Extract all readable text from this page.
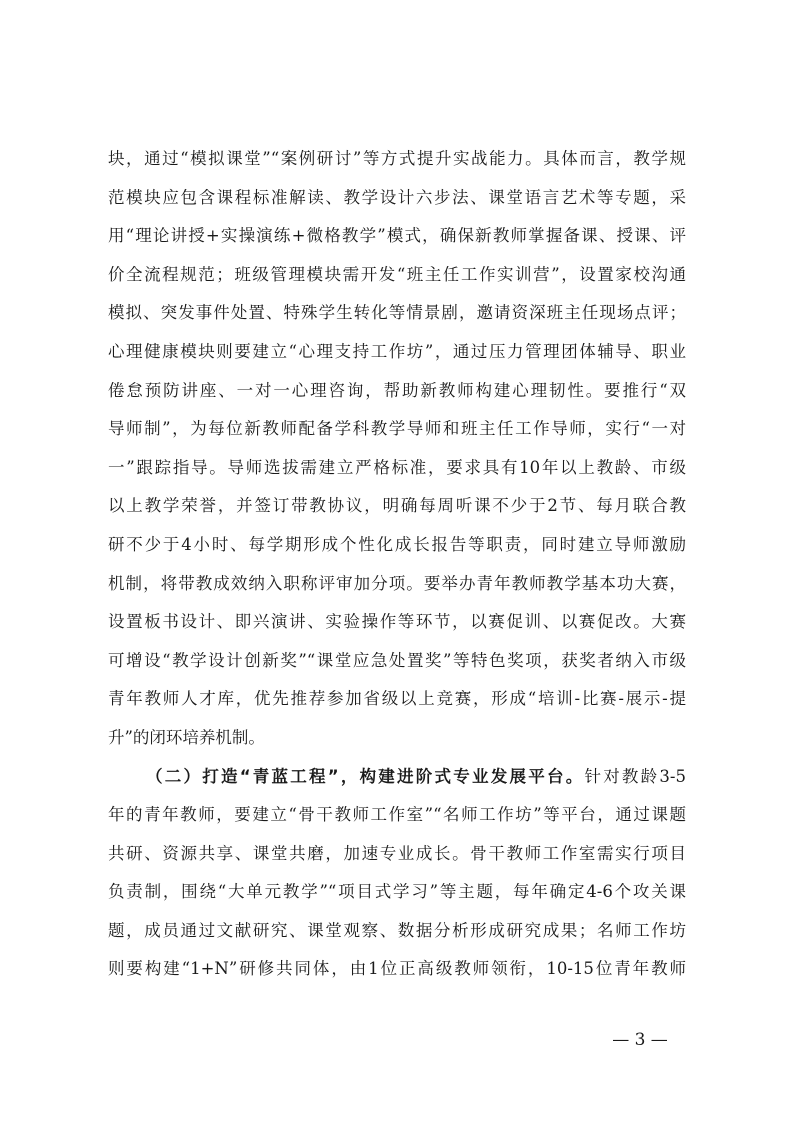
块，通过“模拟课堂”“案例研讨”等方式提升实战能力。具体而言，教学规
范模块应包含课程标准解读、教学设计六步法、课堂语言艺术等专题，采
用“理论讲授+实操演练+微格教学”模式，确保新教师掌握备课、授课、评
价全流程规范；班级管理模块需开发“班主任工作实训营”，设置家校沟通
模拟、突发事件处置、特殊学生转化等情景剧，邀请资深班主任现场点评；
心理健康模块则要建立“心理支持工作坊”，通过压力管理团体辅导、职业
倦怠预防讲座、一对一心理咨询，帮助新教师构建心理韧性。要推行“双
导师制”，为每位新教师配备学科教学导师和班主任工作导师，实行“一对
一”跟踪指导。导师选拔需建立严格标准，要求具有10年以上教龄、市级
以上教学荣誉，并签订带教协议，明确每周听课不少于2节、每月联合教
研不少于4小时、每学期形成个性化成长报告等职责，同时建立导师激励
机制，将带教成效纳入职称评审加分项。要举办青年教师教学基本功大赛，
设置板书设计、即兴演讲、实验操作等环节，以赛促训、以赛促改。大赛
可增设“教学设计创新奖”“课堂应急处置奖”等特色奖项，获奖者纳入市级
青年教师人才库，优先推荐参加省级以上竞赛，形成“培训-比赛-展示-提
升”的闭环培养机制。
（二）打造“青蓝工程”，构建进阶式专业发展平台。针对教龄3-5
年的青年教师，要建立“骨干教师工作室”“名师工作坊”等平台，通过课题
共研、资源共享、课堂共磨，加速专业成长。骨干教师工作室需实行项目
负责制，围绕“大单元教学”“项目式学习”等主题，每年确定4-6个攻关课
题，成员通过文献研究、课堂观察、数据分析形成研究成果；名师工作坊
则要构建“1+N”研修共同体，由1位正高级教师领衔，10-15位青年教师
— 3 —
